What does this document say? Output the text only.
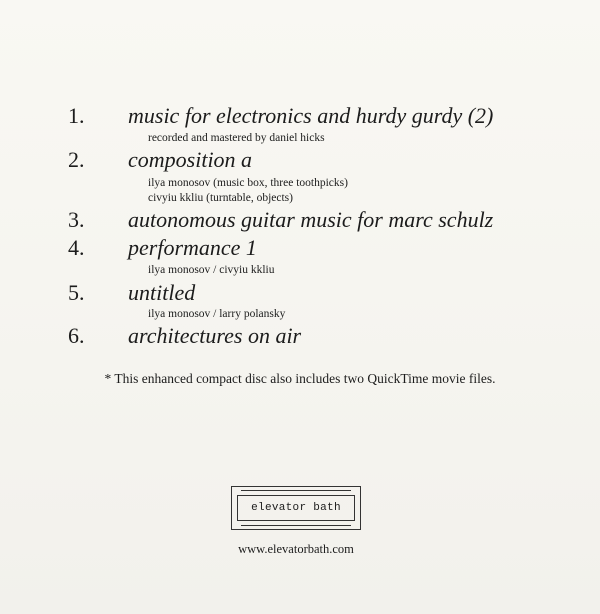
1. music for electronics and hurdy gurdy (2)
recorded and mastered by daniel hicks
2. composition a
ilya monosov (music box, three toothpicks)
civyiu kkliu (turntable, objects)
3. autonomous guitar music for marc schulz
4. performance 1
ilya monosov / civyiu kkliu
5. untitled
ilya monosov / larry polansky
6. architectures on air
* This enhanced compact disc also includes two QuickTime movie files.
elevator bath
www.elevatorbath.com
